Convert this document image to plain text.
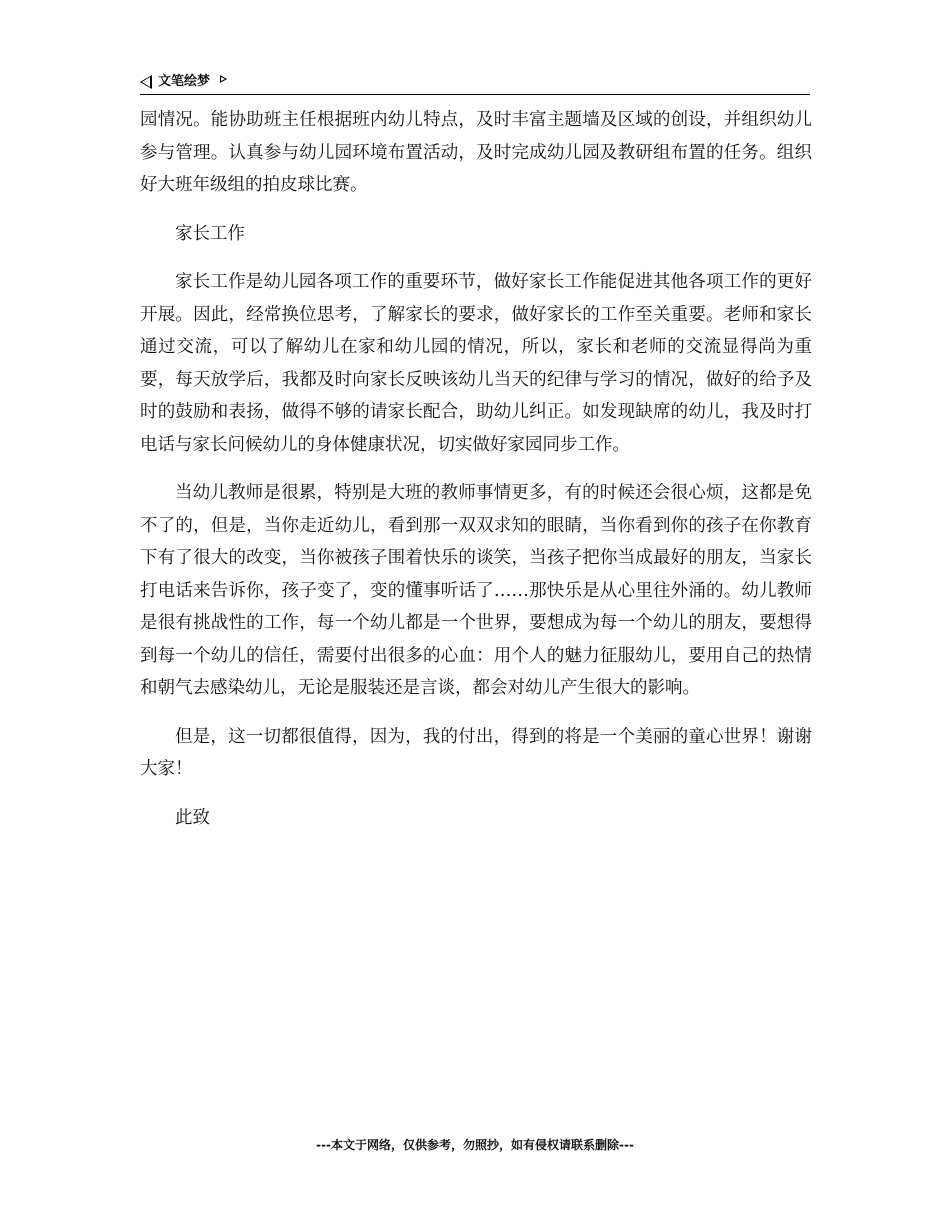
文笔绘梦

园情况。能协助班主任根据班内幼儿特点，及时丰富主题墙及区域的创设，并组织幼儿参与管理。认真参与幼儿园环境布置活动，及时完成幼儿园及教研组布置的任务。组织好大班年级组的拍皮球比赛。

家长工作

家长工作是幼儿园各项工作的重要环节，做好家长工作能促进其他各项工作的更好开展。因此，经常换位思考，了解家长的要求，做好家长的工作至关重要。老师和家长通过交流，可以了解幼儿在家和幼儿园的情况，所以，家长和老师的交流显得尚为重要，每天放学后，我都及时向家长反映该幼儿当天的纪律与学习的情况，做好的给予及时的鼓励和表扬，做得不够的请家长配合，助幼儿纠正。如发现缺席的幼儿，我及时打电话与家长问候幼儿的身体健康状况，切实做好家园同步工作。

当幼儿教师是很累，特别是大班的教师事情更多，有的时候还会很心烦，这都是免不了的，但是，当你走近幼儿，看到那一双双求知的眼睛，当你看到你的孩子在你教育下有了很大的改变，当你被孩子围着快乐的谈笑，当孩子把你当成最好的朋友，当家长打电话来告诉你，孩子变了，变的懂事听话了……那快乐是从心里往外涌的。幼儿教师是很有挑战性的工作，每一个幼儿都是一个世界，要想成为每一个幼儿的朋友，要想得到每一个幼儿的信任，需要付出很多的心血：用个人的魅力征服幼儿，要用自己的热情和朝气去感染幼儿，无论是服装还是言谈，都会对幼儿产生很大的影响。

但是，这一切都很值得，因为，我的付出，得到的将是一个美丽的童心世界！谢谢大家！

此致

---本文于网络，仅供参考，勿照抄，如有侵权请联系删除---
